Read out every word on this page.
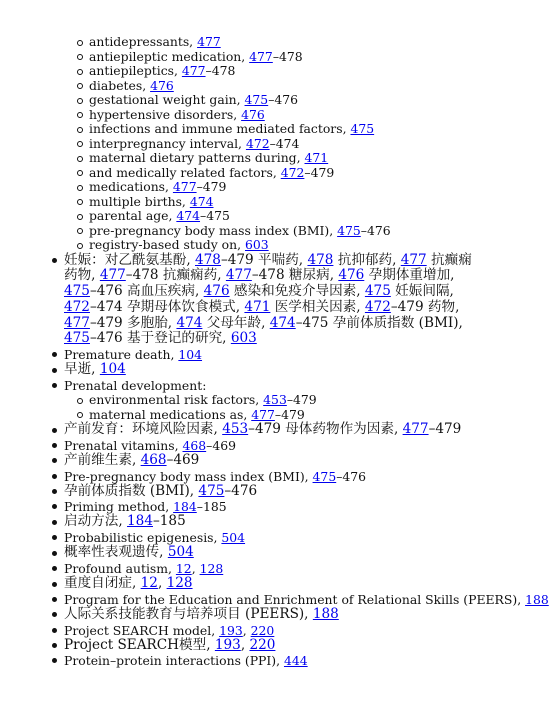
antidepressants, 477
antiepileptic medication, 477–478
antiepileptics, 477–478
diabetes, 476
gestational weight gain, 475–476
hypertensive disorders, 476
infections and immune mediated factors, 475
interpregnancy interval, 472–474
maternal dietary patterns during, 471
and medically related factors, 472–479
medications, 477–479
multiple births, 474
parental age, 474–475
pre-pregnancy body mass index (BMI), 475–476
registry-based study on, 603
妊娠：对乙酰氨基酚, 478–479 平喘药, 478 抗抑郁药, 477 抗癫痫药物, 477–478 抗癫痫药, 477–478 糖尿病, 476 孕期体重增加, 475–476 高血压疾病, 476 感染和免疫介导因素, 475 妊娠间隔, 472–474 孕期母体饮食模式, 471 医学相关因素, 472–479 药物, 477–479 多胞胎, 474 父母年龄, 474–475 孕前体质指数 (BMI), 475–476 基于登记的研究, 603
Premature death, 104
早逝, 104
Prenatal development:
environmental risk factors, 453–479
maternal medications as, 477–479
产前发育：环境风险因素, 453–479 母体药物作为因素, 477–479
Prenatal vitamins, 468–469
产前维生素, 468–469
Pre-pregnancy body mass index (BMI), 475–476
孕前体质指数 (BMI), 475–476
Priming method, 184–185
启动方法, 184–185
Probabilistic epigenesis, 504
概率性表观遗传, 504
Profound autism, 12, 128
重度自闭症, 12, 128
Program for the Education and Enrichment of Relational Skills (PEERS), 188
人际关系技能教育与培养项目 (PEERS), 188
Project SEARCH model, 193, 220
Project SEARCH模型, 193, 220
Protein–protein interactions (PPI), 444
